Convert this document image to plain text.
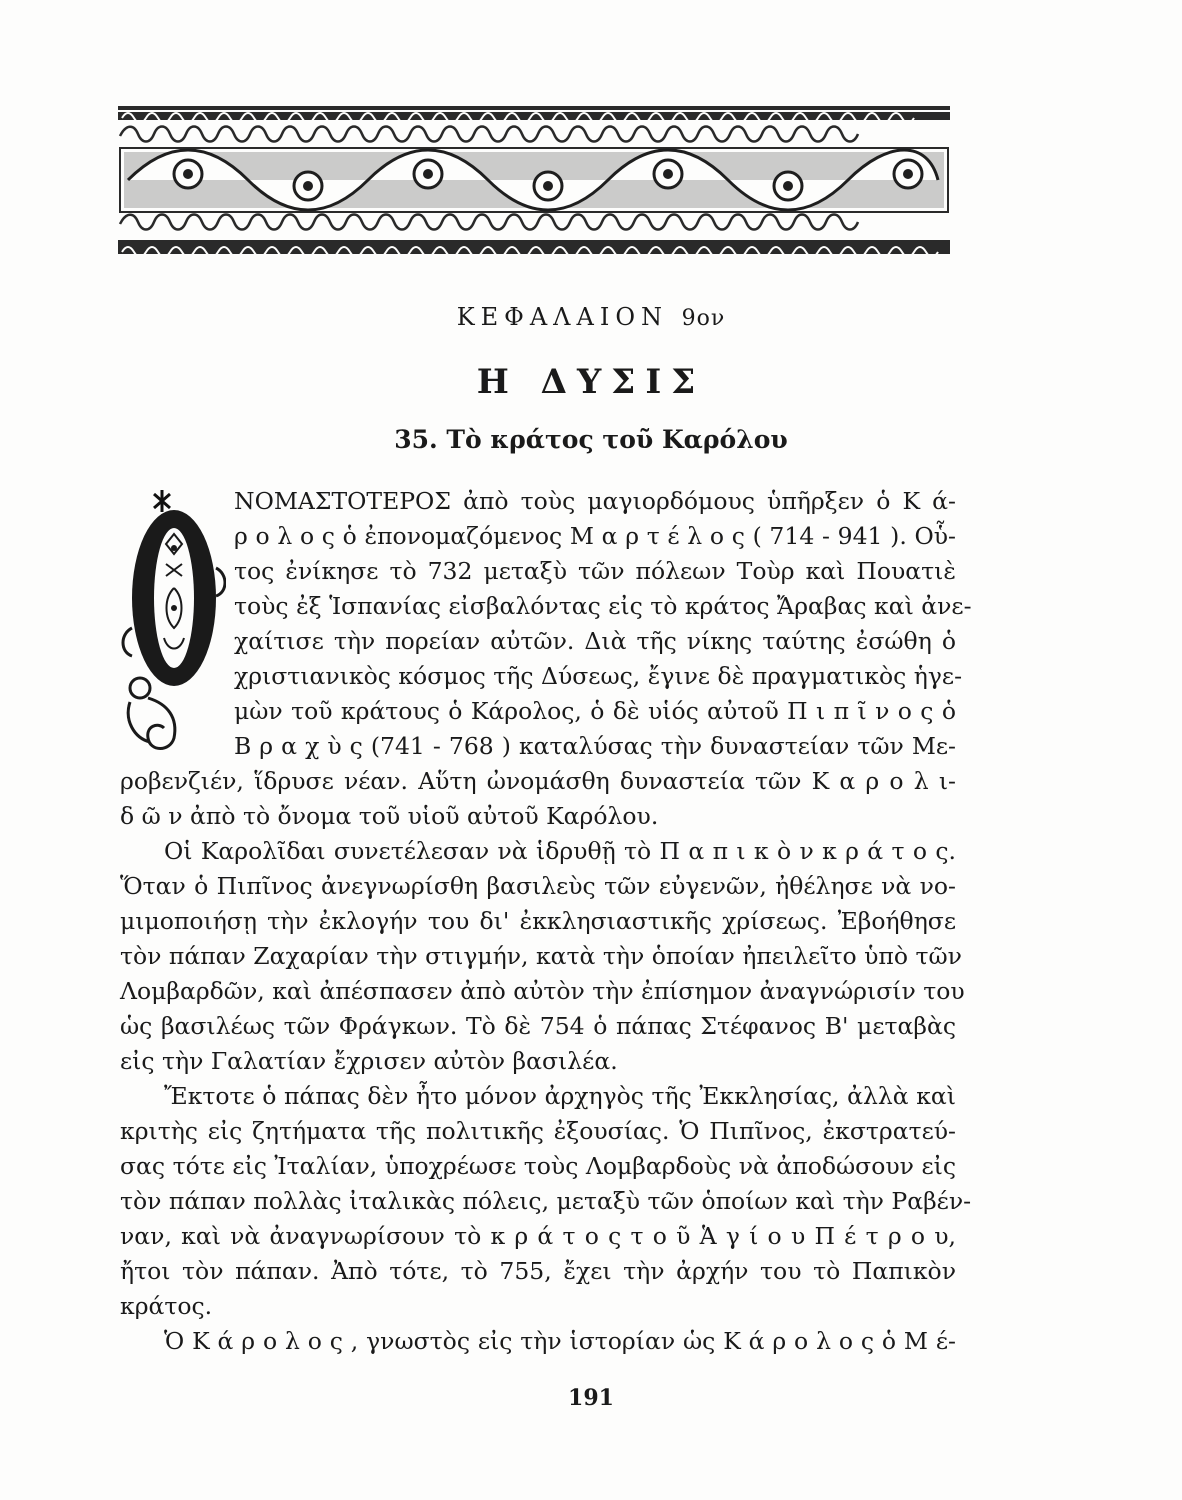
ΚΕΦΑΛΑΙΟΝ 9ον
Η ΔΥΣΙΣ
35. Τὸ κράτος τοῦ Καρόλου
ΝΟΜΑΣΤΟΤΕΡΟΣ ἀπὸ τοὺς μαγιορδόμους ὑπῆρξεν ὁ Κ ά-
ρ ο λ ο ς ὁ ἐπονομαζόμενος Μ α ρ τ έ λ ο ς ( 714 - 941 ). Οὗ-
τος ἐνίκησε τὸ 732 μεταξὺ τῶν πόλεων Τοὺρ καὶ Πουατιὲ
τοὺς ἐξ Ἱσπανίας εἰσβαλόντας εἰς τὸ κράτος Ἄραβας καὶ ἀνε-
χαίτισε τὴν πορείαν αὐτῶν. Διὰ τῆς νίκης ταύτης ἐσώθη ὁ
χριστιανικὸς κόσμος τῆς Δύσεως, ἔγινε δὲ πραγματικὸς ἡγε-
μὼν τοῦ κράτους ὁ Κάρολος, ὁ δὲ υἱός αὐτοῦ Π ι π ῖ ν ο ς ὁ
Β ρ α χ ὺ ς (741 - 768 ) καταλύσας τὴν δυναστείαν τῶν Με-
ροβενζιέν, ἵδρυσε νέαν. Αὕτη ὠνομάσθη δυναστεία τῶν Κ α ρ ο λ ι-
δ ῶ ν ἀπὸ τὸ ὄνομα τοῦ υἱοῦ αὐτοῦ Καρόλου.
Οἱ Καρολῖδαι συνετέλεσαν νὰ ἱδρυθῇ τὸ Π α π ι κ ὸ ν κ ρ ά τ ο ς.
Ὅταν ὁ Πιπῖνος ἀνεγνωρίσθη βασιλεὺς τῶν εὐγενῶν, ἠθέλησε νὰ νο-
μιμοποιήσῃ τὴν ἐκλογήν του δι' ἐκκλησιαστικῆς χρίσεως. Ἐβοήθησε
τὸν πάπαν Ζαχαρίαν τὴν στιγμήν, κατὰ τὴν ὁποίαν ἠπειλεῖτο ὑπὸ τῶν
Λομβαρδῶν, καὶ ἀπέσπασεν ἀπὸ αὐτὸν τὴν ἐπίσημον ἀναγνώρισίν του
ὡς βασιλέως τῶν Φράγκων. Τὸ δὲ 754 ὁ πάπας Στέφανος Β' μεταβὰς
εἰς τὴν Γαλατίαν ἔχρισεν αὐτὸν βασιλέα.
Ἔκτοτε ὁ πάπας δὲν ἦτο μόνον ἀρχηγὸς τῆς Ἐκκλησίας, ἀλλὰ καὶ
κριτὴς εἰς ζητήματα τῆς πολιτικῆς ἐξουσίας. Ὁ Πιπῖνος, ἐκστρατεύ-
σας τότε εἰς Ἰταλίαν, ὑποχρέωσε τοὺς Λομβαρδοὺς νὰ ἀποδώσουν εἰς
τὸν πάπαν πολλὰς ἰταλικὰς πόλεις, μεταξὺ τῶν ὁποίων καὶ τὴν Ραβέν-
ναν, καὶ νὰ ἀναγνωρίσουν τὸ κ ρ ά τ ο ς τ ο ῦ Ἁ γ ί ο υ Π έ τ ρ ο υ,
ἤτοι τὸν πάπαν. Ἀπὸ τότε, τὸ 755, ἔχει τὴν ἀρχήν του τὸ Παπικὸν
κράτος.
Ὁ Κ ά ρ ο λ ο ς , γνωστὸς εἰς τὴν ἱστορίαν ὡς Κ ά ρ ο λ ο ς ὁ Μ έ-
191
